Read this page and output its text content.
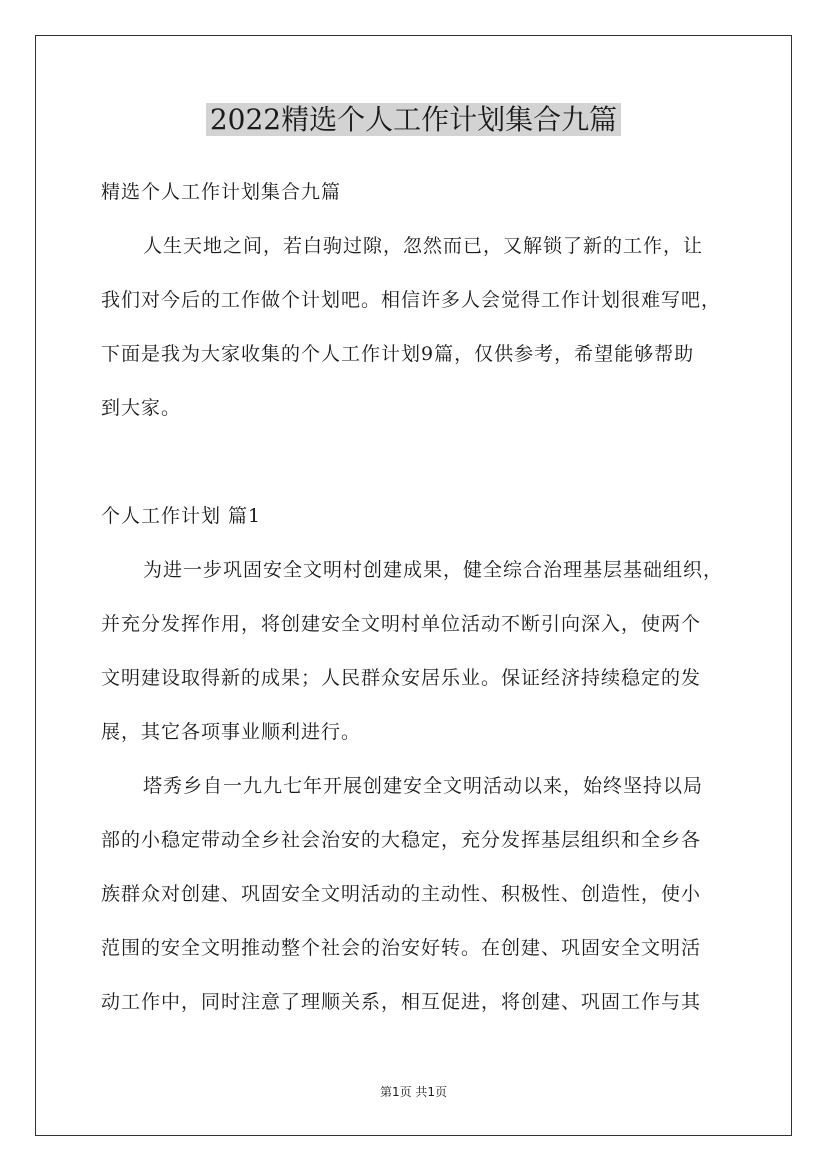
2022精选个人工作计划集合九篇
精选个人工作计划集合九篇
人生天地之间，若白驹过隙，忽然而已，又解锁了新的工作，让
我们对今后的工作做个计划吧。相信许多人会觉得工作计划很难写吧，
下面是我为大家收集的个人工作计划9篇，仅供参考，希望能够帮助
到大家。
个人工作计划 篇1
为进一步巩固安全文明村创建成果，健全综合治理基层基础组织，
并充分发挥作用，将创建安全文明村单位活动不断引向深入，使两个
文明建设取得新的成果；人民群众安居乐业。保证经济持续稳定的发
展，其它各项事业顺利进行。
塔秀乡自一九九七年开展创建安全文明活动以来，始终坚持以局
部的小稳定带动全乡社会治安的大稳定，充分发挥基层组织和全乡各
族群众对创建、巩固安全文明活动的主动性、积极性、创造性，使小
范围的安全文明推动整个社会的治安好转。在创建、巩固安全文明活
动工作中，同时注意了理顺关系，相互促进，将创建、巩固工作与其
第1页 共1页
